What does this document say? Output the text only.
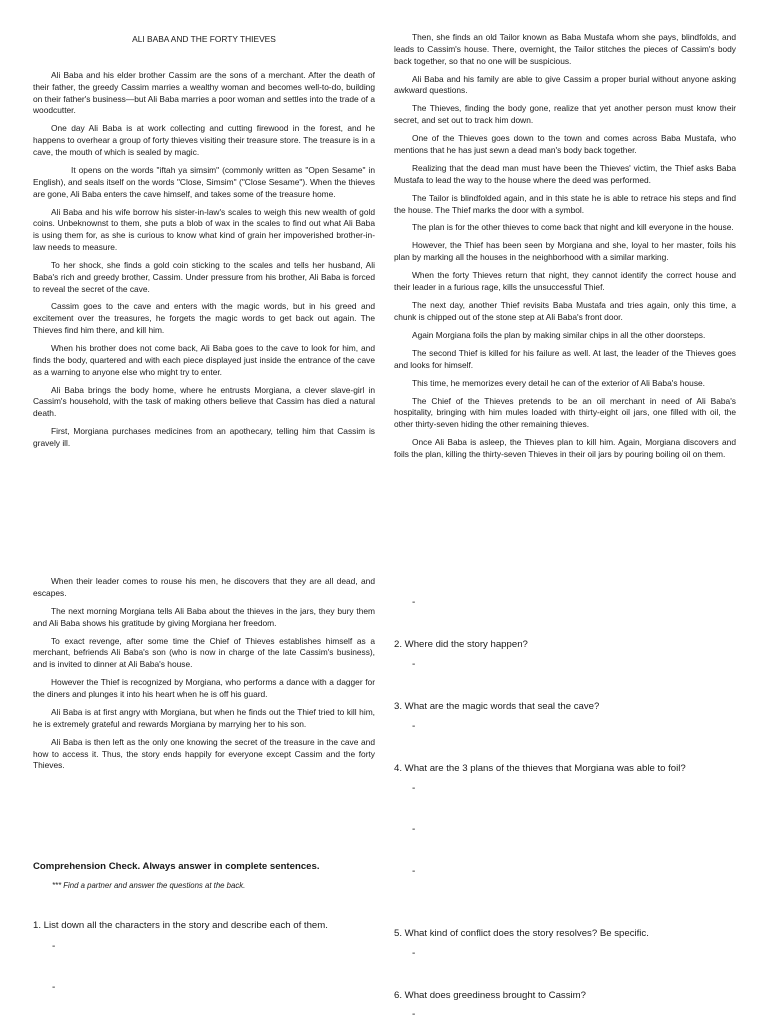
ALI BABA AND THE FORTY THIEVES

Ali Baba and his elder brother Cassim are the sons of a merchant. After the death of their father, the greedy Cassim marries a wealthy woman and becomes well-to-do, building on their father's business—but Ali Baba marries a poor woman and settles into the trade of a woodcutter.

One day Ali Baba is at work collecting and cutting firewood in the forest, and he happens to overhear a group of forty thieves visiting their treasure store. The treasure is in a cave, the mouth of which is sealed by magic.

It opens on the words "iftah ya simsim" (commonly written as "Open Sesame" in English), and seals itself on the words "Close, Simsim" ("Close Sesame"). When the thieves are gone, Ali Baba enters the cave himself, and takes some of the treasure home.

Ali Baba and his wife borrow his sister-in-law's scales to weigh this new wealth of gold coins. Unbeknownst to them, she puts a blob of wax in the scales to find out what Ali Baba is using them for, as she is curious to know what kind of grain her impoverished brother-in-law needs to measure.

To her shock, she finds a gold coin sticking to the scales and tells her husband, Ali Baba's rich and greedy brother, Cassim. Under pressure from his brother, Ali Baba is forced to reveal the secret of the cave.

Cassim goes to the cave and enters with the magic words, but in his greed and excitement over the treasures, he forgets the magic words to get back out again. The Thieves find him there, and kill him.

When his brother does not come back, Ali Baba goes to the cave to look for him, and finds the body, quartered and with each piece displayed just inside the entrance of the cave as a warning to anyone else who might try to enter.

Ali Baba brings the body home, where he entrusts Morgiana, a clever slave-girl in Cassim's household, with the task of making others believe that Cassim has died a natural death.

First, Morgiana purchases medicines from an apothecary, telling him that Cassim is gravely ill.

Then, she finds an old Tailor known as Baba Mustafa whom she pays, blindfolds, and leads to Cassim's house. There, overnight, the Tailor stitches the pieces of Cassim's body back together, so that no one will be suspicious.

Ali Baba and his family are able to give Cassim a proper burial without anyone asking awkward questions.

The Thieves, finding the body gone, realize that yet another person must know their secret, and set out to track him down.

One of the Thieves goes down to the town and comes across Baba Mustafa, who mentions that he has just sewn a dead man's body back together.

Realizing that the dead man must have been the Thieves' victim, the Thief asks Baba Mustafa to lead the way to the house where the deed was performed.

The Tailor is blindfolded again, and in this state he is able to retrace his steps and find the house. The Thief marks the door with a symbol.

The plan is for the other thieves to come back that night and kill everyone in the house.

However, the Thief has been seen by Morgiana and she, loyal to her master, foils his plan by marking all the houses in the neighborhood with a similar marking.

When the forty Thieves return that night, they cannot identify the correct house and their leader in a furious rage, kills the unsuccessful Thief.

The next day, another Thief revisits Baba Mustafa and tries again, only this time, a chunk is chipped out of the stone step at Ali Baba's front door.

Again Morgiana foils the plan by making similar chips in all the other doorsteps.

The second Thief is killed for his failure as well. At last, the leader of the Thieves goes and looks for himself.

This time, he memorizes every detail he can of the exterior of Ali Baba's house.

The Chief of the Thieves pretends to be an oil merchant in need of Ali Baba's hospitality, bringing with him mules loaded with thirty-eight oil jars, one filled with oil, the other thirty-seven hiding the other remaining thieves.

Once Ali Baba is asleep, the Thieves plan to kill him. Again, Morgiana discovers and foils the plan, killing the thirty-seven Thieves in their oil jars by pouring boiling oil on them.

When their leader comes to rouse his men, he discovers that they are all dead, and escapes.

The next morning Morgiana tells Ali Baba about the thieves in the jars, they bury them and Ali Baba shows his gratitude by giving Morgiana her freedom.

To exact revenge, after some time the Chief of Thieves establishes himself as a merchant, befriends Ali Baba's son (who is now in charge of the late Cassim's business), and is invited to dinner at Ali Baba's house.

However the Thief is recognized by Morgiana, who performs a dance with a dagger for the diners and plunges it into his heart when he is off his guard.

Ali Baba is at first angry with Morgiana, but when he finds out the Thief tried to kill him, he is extremely grateful and rewards Morgiana by marrying her to his son.

Ali Baba is then left as the only one knowing the secret of the treasure in the cave and how to access it. Thus, the story ends happily for everyone except Cassim and the forty Thieves.

Comprehension Check. Always answer in complete sentences.
*** Find a partner and answer the questions at the back.
1. List down all the characters in the story and describe each of them.
-
-
-
2. Where did the story happen?
-
3. What are the magic words that seal the cave?
-
4. What are the 3 plans of the thieves that Morgiana was able to foil?
-
-
-
5. What kind of conflict does the story resolves? Be specific.
-
6. What does greediness brought to Cassim?
-
